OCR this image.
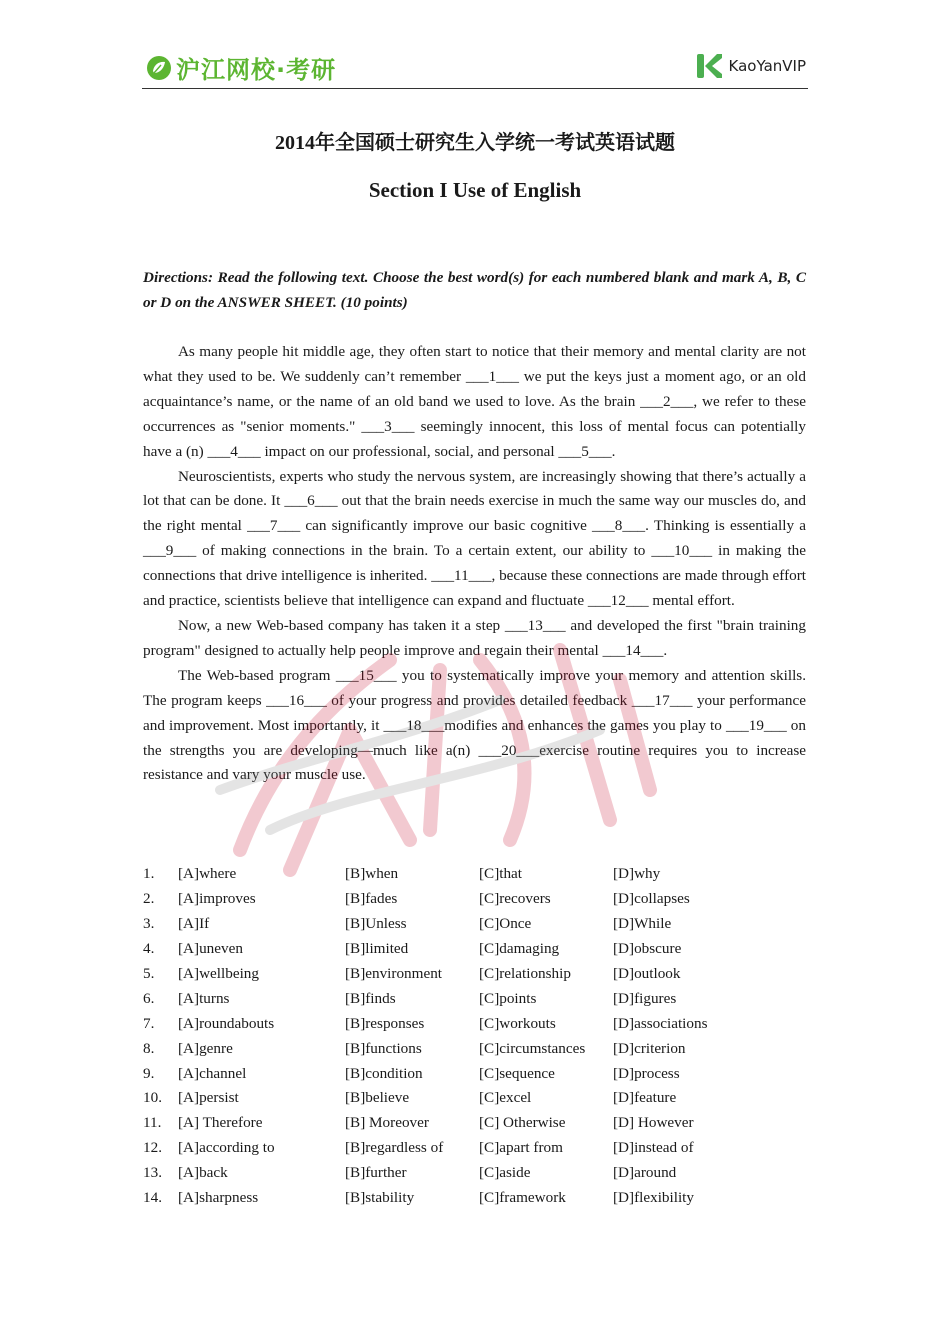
沪江网校·考研	KaoYanVIP
2014年全国硕士研究生入学统一考试英语试题
Section I Use of English
Directions: Read the following text. Choose the best word(s) for each numbered blank and mark A, B, C or D on the ANSWER SHEET. (10 points)

As many people hit middle age, they often start to notice that their memory and mental clarity are not what they used to be. We suddenly can’t remember ___1___ we put the keys just a moment ago, or an old acquaintance’s name, or the name of an old band we used to love. As the brain ___2___, we refer to these occurrences as "senior moments." ___3___ seemingly innocent, this loss of mental focus can potentially have a (n) ___4___ impact on our professional, social, and personal ___5___.

Neuroscientists, experts who study the nervous system, are increasingly showing that there’s actually a lot that can be done. It ___6___ out that the brain needs exercise in much the same way our muscles do, and the right mental ___7___ can significantly improve our basic cognitive ___8___. Thinking is essentially a ___9___ of making connections in the brain. To a certain extent, our ability to ___10___ in making the connections that drive intelligence is inherited. ___11___, because these connections are made through effort and practice, scientists believe that intelligence can expand and fluctuate ___12___ mental effort.

Now, a new Web-based company has taken it a step ___13___ and developed the first "brain training program" designed to actually help people improve and regain their mental ___14___.

The Web-based program ___15___ you to systematically improve your memory and attention skills. The program keeps ___16___ of your progress and provides detailed feedback ___17___ your performance and improvement. Most importantly, it ___18___modifies and enhances the games you play to ___19___ on the strengths you are developing—much like a(n) ___20___exercise routine requires you to increase resistance and vary your muscle use.

1. [A]where	[B]when	[C]that	[D]why
2. [A]improves	[B]fades	[C]recovers	[D]collapses
3. [A]If	[B]Unless	[C]Once	[D]While
4. [A]uneven	[B]limited	[C]damaging	[D]obscure
5. [A]wellbeing	[B]environment [C]relationship	[D]outlook
6. [A]turns	[B]finds	[C]points	[D]figures
7. [A]roundabouts	[B]responses	[C]workouts	[D]associations
8. [A]genre	[B]functions	[C]circumstances [D]criterion
9. [A]channel	[B]condition	[C]sequence	[D]process
10. [A]persist	[B]believe	[C]excel	[D]feature
11. [A] Therefore	[B] Moreover	[C] Otherwise	[D] However
12. [A]according to	[B]regardless of [C]apart from	[D]instead of
13. [A]back	[B]further	[C]aside	[D]around
14. [A]sharpness	[B]stability	[C]framework	[D]flexibility
